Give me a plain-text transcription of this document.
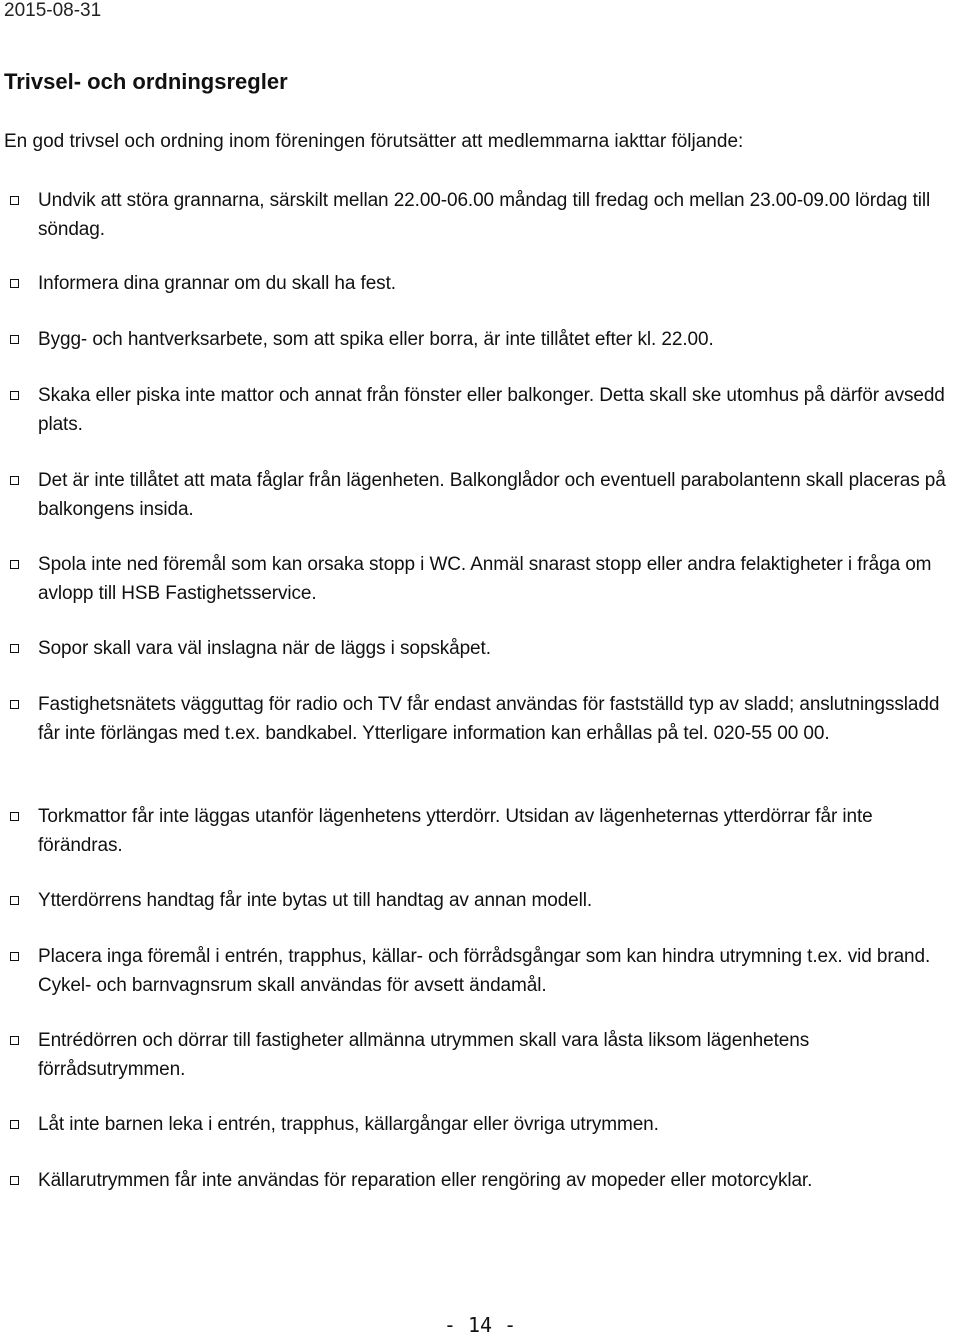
2015-08-31
Trivsel- och ordningsregler

En god trivsel och ordning inom föreningen förutsätter att medlemmarna iakttar följande:

Undvik att störa grannarna, särskilt mellan 22.00-06.00 måndag till fredag och mellan 23.00-09.00 lördag till söndag.
Informera dina grannar om du skall ha fest.
Bygg- och hantverksarbete, som att spika eller borra, är inte tillåtet efter kl. 22.00.
Skaka eller piska inte mattor och annat från fönster eller balkonger. Detta skall ske utomhus på därför avsedd plats.
Det är inte tillåtet att mata fåglar från lägenheten. Balkonglådor och eventuell parabolantenn skall placeras på balkongens insida.
Spola inte ned föremål som kan orsaka stopp i WC. Anmäl snarast stopp eller andra felaktigheter i fråga om avlopp till HSB Fastighetsservice.
Sopor skall vara väl inslagna när de läggs i sopskåpet.
Fastighetsnätets vägguttag för radio och TV får endast användas för fastställd typ av sladd; anslutningssladd får inte förlängas med t.ex. bandkabel. Ytterligare information kan erhållas på tel. 020-55 00 00.
Torkmattor får inte läggas utanför lägenhetens ytterdörr. Utsidan av lägenheternas ytterdörrar får inte förändras.
Ytterdörrens handtag får inte bytas ut till handtag av annan modell.
Placera inga föremål i entrén, trapphus, källar- och förrådsgångar som kan hindra utrymning t.ex. vid brand. Cykel- och barnvagnsrum skall användas för avsett ändamål.
Entrédörren och dörrar till fastigheter allmänna utrymmen skall vara låsta liksom lägenhetens förrådsutrymmen.
Låt inte barnen leka i entrén, trapphus, källargångar eller övriga utrymmen.
Källarutrymmen får inte användas för reparation eller rengöring av mopeder eller motorcyklar.
- 14 -
